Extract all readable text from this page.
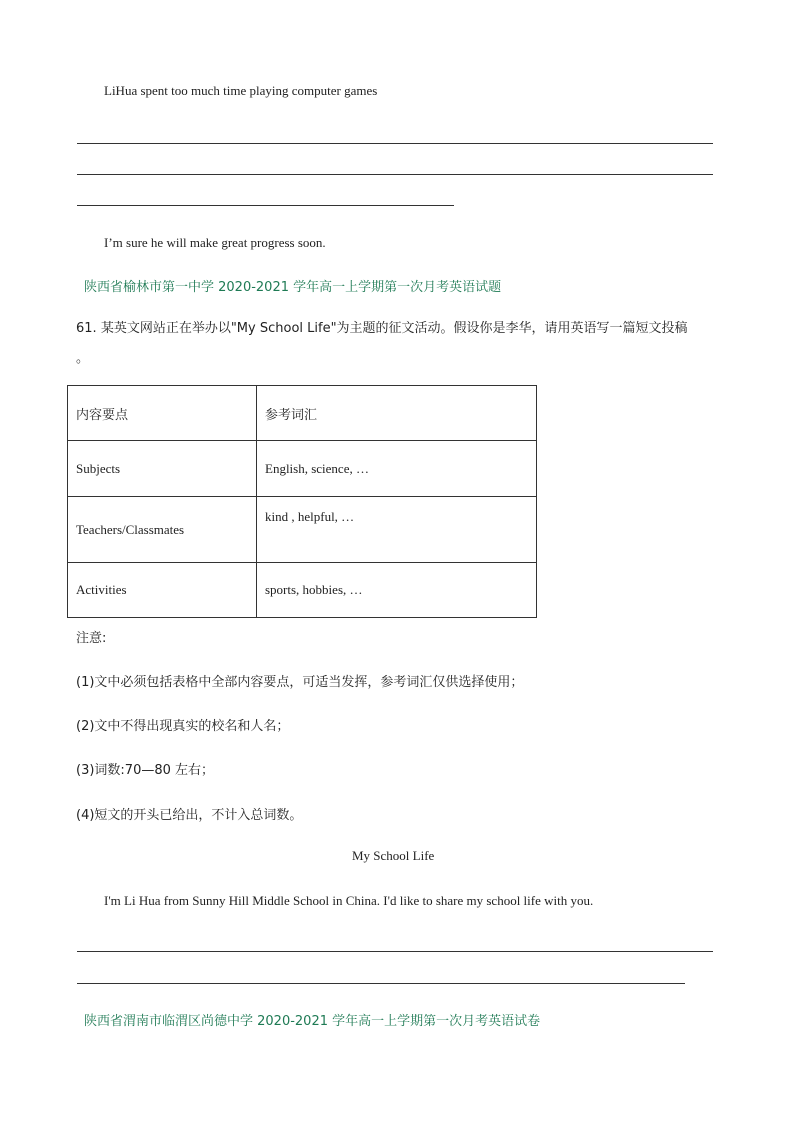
LiHua spent too much time playing computer games
I’m sure he will make great progress soon.
陕西省榆林市第一中学 2020-2021 学年高一上学期第一次月考英语试题
61. 某英文网站正在举办以"My School Life"为主题的征文活动。假设你是李华，请用英语写一篇短文投稿
。
内容要点	参考词汇
Subjects	English, science, …
Teachers/Classmates	kind , helpful, …
Activities	sports, hobbies, …
注意:
(1)文中必须包括表格中全部内容要点，可适当发挥，参考词汇仅供选择使用；
(2)文中不得出现真实的校名和人名；
(3)词数:70—80 左右；
(4)短文的开头已给出，不计入总词数。
My School Life
I'm Li Hua from Sunny Hill Middle School in China. I'd like to share my school life with you.
陕西省渭南市临渭区尚德中学 2020-2021 学年高一上学期第一次月考英语试卷
